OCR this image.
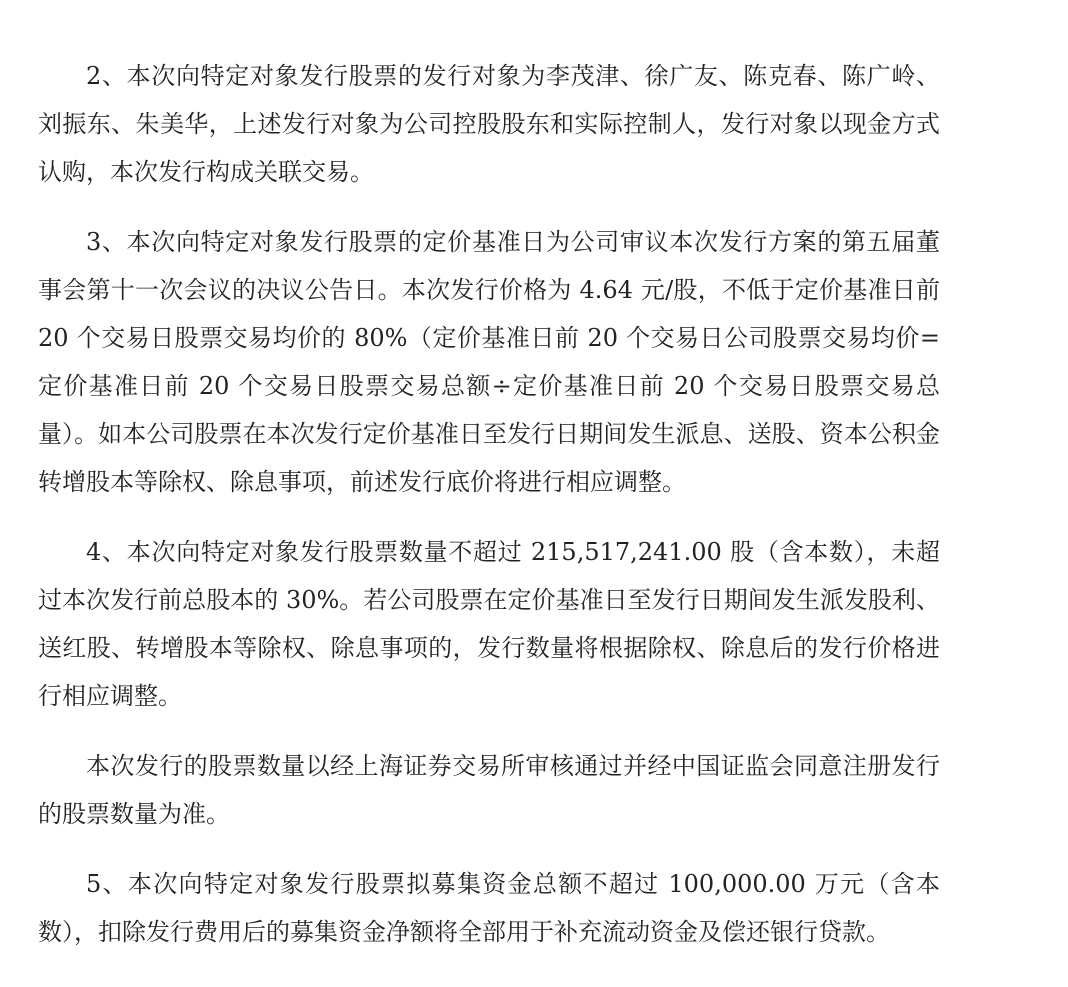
2、本次向特定对象发行股票的发行对象为李茂津、徐广友、陈克春、陈广岭、刘振东、朱美华，上述发行对象为公司控股股东和实际控制人，发行对象以现金方式认购，本次发行构成关联交易。

3、本次向特定对象发行股票的定价基准日为公司审议本次发行方案的第五届董事会第十一次会议的决议公告日。本次发行价格为 4.64 元/股，不低于定价基准日前 20 个交易日股票交易均价的 80%（定价基准日前 20 个交易日公司股票交易均价=定价基准日前 20 个交易日股票交易总额÷定价基准日前 20 个交易日股票交易总量）。如本公司股票在本次发行定价基准日至发行日期间发生派息、送股、资本公积金转增股本等除权、除息事项，前述发行底价将进行相应调整。

4、本次向特定对象发行股票数量不超过 215,517,241.00 股（含本数），未超过本次发行前总股本的 30%。若公司股票在定价基准日至发行日期间发生派发股利、送红股、转增股本等除权、除息事项的，发行数量将根据除权、除息后的发行价格进行相应调整。

本次发行的股票数量以经上海证券交易所审核通过并经中国证监会同意注册发行的股票数量为准。

5、本次向特定对象发行股票拟募集资金总额不超过 100,000.00 万元（含本数），扣除发行费用后的募集资金净额将全部用于补充流动资金及偿还银行贷款。
